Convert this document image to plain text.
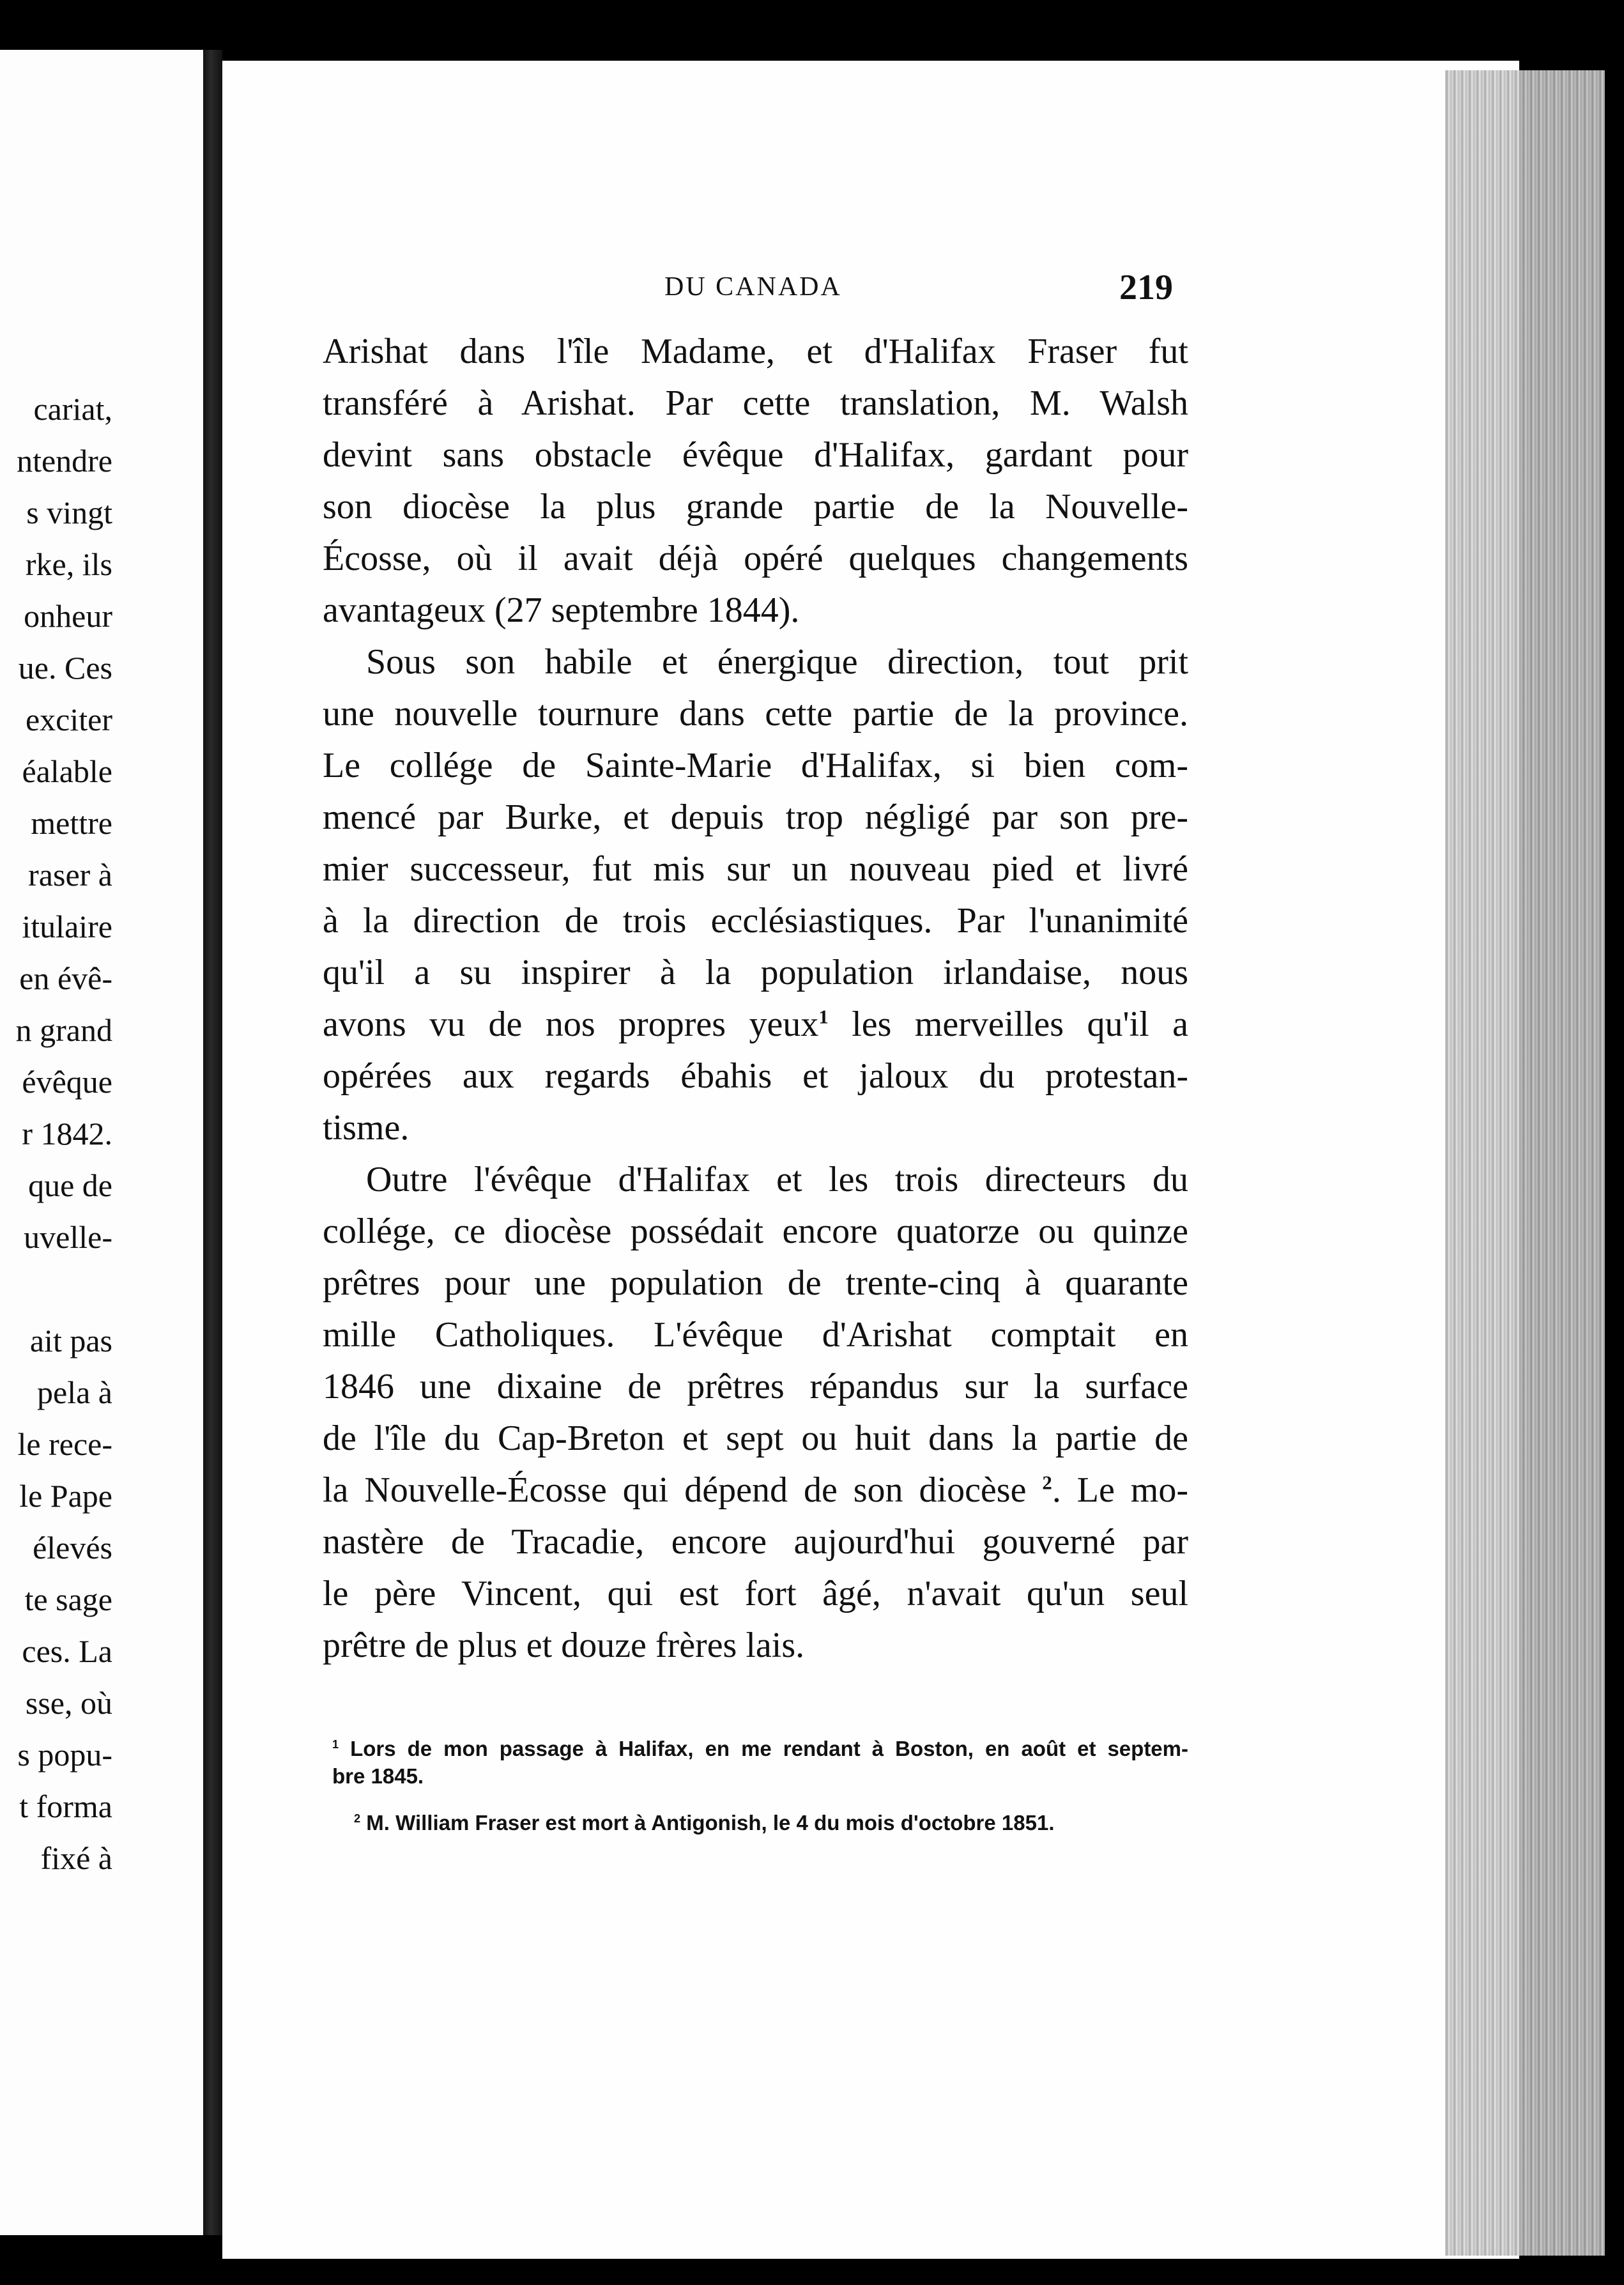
cariat,
ntendre
s vingt
rke, ils
onheur
ue. Ces
exciter
éalable
mettre
raser à
itulaire
en évê-
n grand
évêque
r 1842.
que de
uvelle-
ait pas
pela à
le rece-
le Pape
élevés
te sage
ces. La
sse, où
s popu-
t forma
fixé à
DU CANADA	219
Arishat dans l'île Madame, et d'Halifax Fraser fut
transféré à Arishat. Par cette translation, M. Walsh
devint sans obstacle évêque d'Halifax, gardant pour
son diocèse la plus grande partie de la Nouvelle-
Écosse, où il avait déjà opéré quelques changements
avantageux (27 septembre 1844).
Sous son habile et énergique direction, tout prit
une nouvelle tournure dans cette partie de la province.
Le collége de Sainte-Marie d'Halifax, si bien com-
mencé par Burke, et depuis trop négligé par son pre-
mier successeur, fut mis sur un nouveau pied et livré
à la direction de trois ecclésiastiques. Par l'unanimité
qu'il a su inspirer à la population irlandaise, nous
avons vu de nos propres yeux$^1$ les merveilles qu'il a
opérées aux regards ébahis et jaloux du protestan-
tisme.
Outre l'évêque d'Halifax et les trois directeurs du
collége, ce diocèse possédait encore quatorze ou quinze
prêtres pour une population de trente-cinq à quarante
mille Catholiques. L'évêque d'Arishat comptait en
1846 une dixaine de prêtres répandus sur la surface
de l'île du Cap-Breton et sept ou huit dans la partie de
la Nouvelle-Écosse qui dépend de son diocèse $^2$. Le mo-
nastère de Tracadie, encore aujourd'hui gouverné par
le père Vincent, qui est fort âgé, n'avait qu'un seul
prêtre de plus et douze frères lais.
$^1$ Lors de mon passage à Halifax, en me rendant à Boston, en août et septem-
bre 1845.
$^2$ M. William Fraser est mort à Antigonish, le 4 du mois d'octobre 1851.
